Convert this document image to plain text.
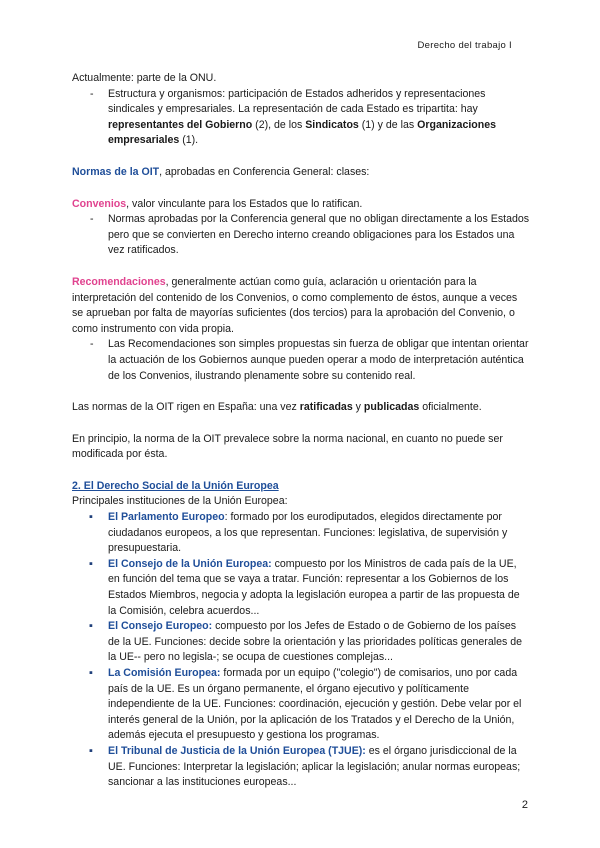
Derecho del trabajo I

Actualmente: parte de la ONU.

- Estructura y organismos: participación de Estados adheridos y representaciones sindicales y empresariales. La representación de cada Estado es tripartita: hay representantes del Gobierno (2), de los Sindicatos (1) y de las Organizaciones empresariales (1).

Normas de la OIT, aprobadas en Conferencia General: clases:

Convenios, valor vinculante para los Estados que lo ratifican.

- Normas aprobadas por la Conferencia general que no obligan directamente a los Estados pero que se convierten en Derecho interno creando obligaciones para los Estados una vez ratificados.

Recomendaciones, generalmente actúan como guía, aclaración u orientación para la interpretación del contenido de los Convenios, o como complemento de éstos, aunque a veces se aprueban por falta de mayorías suficientes (dos tercios) para la aprobación del Convenio, o como instrumento con vida propia.

- Las Recomendaciones son simples propuestas sin fuerza de obligar que intentan orientar la actuación de los Gobiernos aunque pueden operar a modo de interpretación auténtica de los Convenios, ilustrando plenamente sobre su contenido real.

Las normas de la OIT rigen en España: una vez ratificadas y publicadas oficialmente.

En principio, la norma de la OIT prevalece sobre la norma nacional, en cuanto no puede ser modificada por ésta.

2. El Derecho Social de la Unión Europea

Principales instituciones de la Unión Europea:

▪ El Parlamento Europeo: formado por los eurodiputados, elegidos directamente por ciudadanos europeos, a los que representan. Funciones: legislativa, de supervisión y presupuestaria.
▪ El Consejo de la Unión Europea: compuesto por los Ministros de cada país de la UE, en función del tema que se vaya a tratar. Función: representar a los Gobiernos de los Estados Miembros, negocia y adopta la legislación europea a partir de las propuesta de la Comisión, celebra acuerdos...
▪ El Consejo Europeo: compuesto por los Jefes de Estado o de Gobierno de los países de la UE. Funciones: decide sobre la orientación y las prioridades políticas generales de la UE-- pero no legisla-; se ocupa de cuestiones complejas...
▪ La Comisión Europea: formada por un equipo ("colegio") de comisarios, uno por cada país de la UE. Es un órgano permanente, el órgano ejecutivo y políticamente independiente de la UE. Funciones: coordinación, ejecución y gestión. Debe velar por el interés general de la Unión, por la aplicación de los Tratados y el Derecho de la Unión, además ejecuta el presupuesto y gestiona los programas.
▪ El Tribunal de Justicia de la Unión Europea (TJUE): es el órgano jurisdiccional de la UE. Funciones: Interpretar la legislación; aplicar la legislación; anular normas europeas; sancionar a las instituciones europeas...
2
